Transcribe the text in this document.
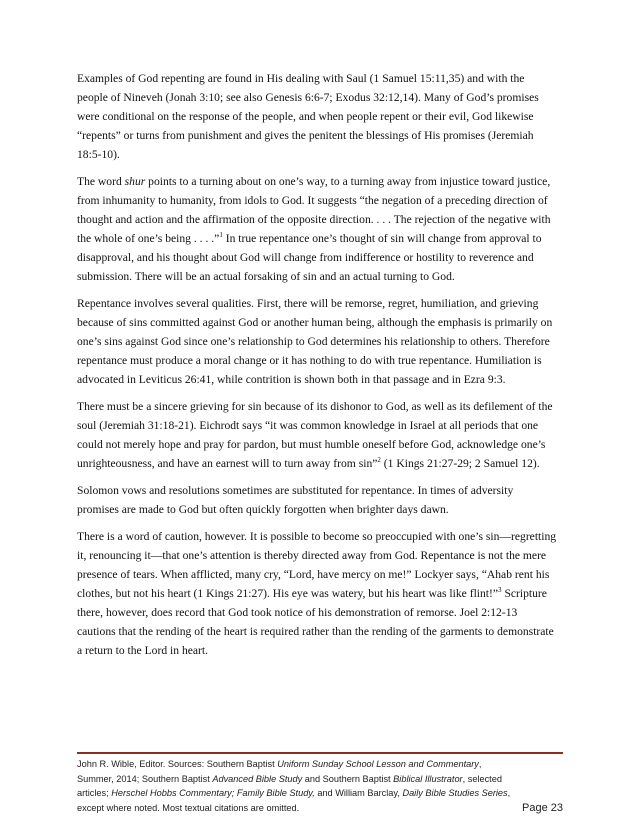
Examples of God repenting are found in His dealing with Saul (1 Samuel 15:11,35) and with the people of Nineveh (Jonah 3:10; see also Genesis 6:6-7; Exodus 32:12,14). Many of God’s promises were conditional on the response of the people, and when people repent or their evil, God likewise “repents” or turns from punishment and gives the penitent the blessings of His promises (Jeremiah 18:5-10).

The word shur points to a turning about on one’s way, to a turning away from injustice toward justice, from inhumanity to humanity, from idols to God. It suggests “the negation of a preceding direction of thought and action and the affirmation of the opposite direction. . . . The rejection of the negative with the whole of one’s being . . . .”$^1$ In true repentance one’s thought of sin will change from approval to disapproval, and his thought about God will change from indifference or hostility to reverence and submission. There will be an actual forsaking of sin and an actual turning to God.

Repentance involves several qualities. First, there will be remorse, regret, humiliation, and grieving because of sins committed against God or another human being, although the emphasis is primarily on one’s sins against God since one’s relationship to God determines his relationship to others. Therefore repentance must produce a moral change or it has nothing to do with true repentance. Humiliation is advocated in Leviticus 26:41, while contrition is shown both in that passage and in Ezra 9:3.

There must be a sincere grieving for sin because of its dishonor to God, as well as its defilement of the soul (Jeremiah 31:18-21). Eichrodt says “it was common knowledge in Israel at all periods that one could not merely hope and pray for pardon, but must humble oneself before God, acknowledge one’s unrighteousness, and have an earnest will to turn away from sin”$^2$ (1 Kings 21:27-29; 2 Samuel 12).

Solomon vows and resolutions sometimes are substituted for repentance. In times of adversity promises are made to God but often quickly forgotten when brighter days dawn.

There is a word of caution, however. It is possible to become so preoccupied with one’s sin—regretting it, renouncing it—that one’s attention is thereby directed away from God. Repentance is not the mere presence of tears. When afflicted, many cry, “Lord, have mercy on me!” Lockyer says, “Ahab rent his clothes, but not his heart (1 Kings 21:27). His eye was watery, but his heart was like flint!”$^3$ Scripture there, however, does record that God took notice of his demonstration of remorse. Joel 2:12-13 cautions that the rending of the heart is required rather than the rending of the garments to demonstrate a return to the Lord in heart.

John R. Wible, Editor. Sources: Southern Baptist Uniform Sunday School Lesson and Commentary, Summer, 2014; Southern Baptist Advanced Bible Study and Southern Baptist Biblical Illustrator, selected articles; Herschel Hobbs Commentary; Family Bible Study, and William Barclay, Daily Bible Studies Series, except where noted. Most textual citations are omitted.	Page 23
